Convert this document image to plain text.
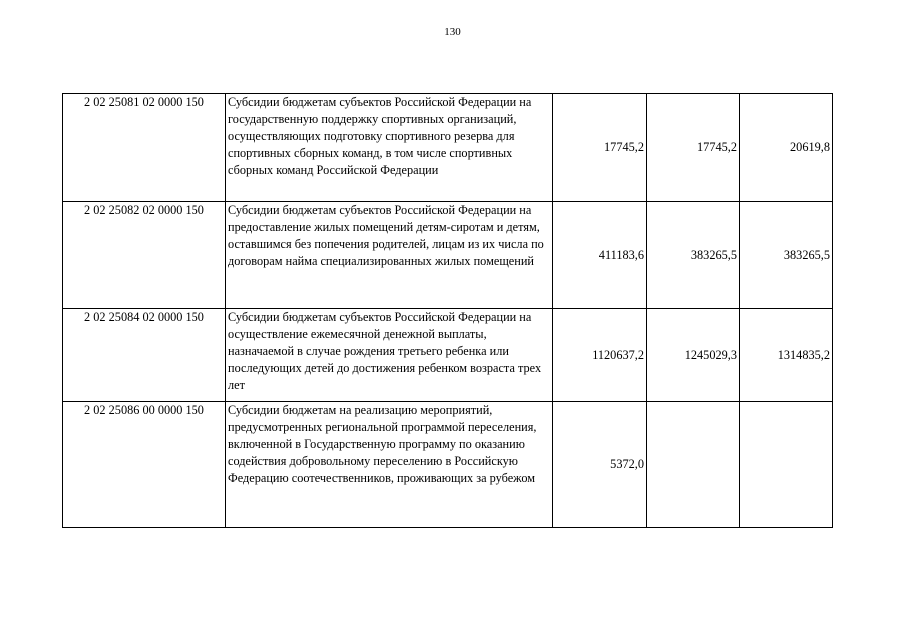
130
2 02 25081 02 0000 150	Субсидии бюджетам субъектов Российской Федерации на государственную поддержку спортивных организаций, осуществляющих подготовку спортивного резерва для спортивных сборных команд, в том числе спортивных сборных команд Российской Федерации	17745,2	17745,2	20619,8
2 02 25082 02 0000 150	Субсидии бюджетам субъектов Российской Федерации на предоставление жилых помещений детям-сиротам и детям, оставшимся без попечения родителей, лицам из их числа по договорам найма специализированных жилых помещений	411183,6	383265,5	383265,5
2 02 25084 02 0000 150	Субсидии бюджетам субъектов Российской Федерации на осуществление ежемесячной денежной выплаты, назначаемой в случае рождения третьего ребенка или последующих детей до достижения ребенком возраста трех лет	1120637,2	1245029,3	1314835,2
2 02 25086 00 0000 150	Субсидии бюджетам на реализацию мероприятий, предусмотренных региональной программой переселения, включенной в Государственную программу по оказанию содействия добровольному переселению в Российскую Федерацию соотечественников, проживающих за рубежом	5372,0		
